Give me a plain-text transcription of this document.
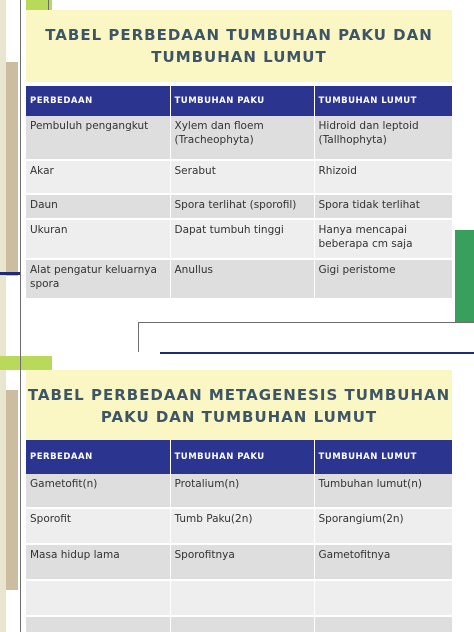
TABEL PERBEDAAN TUMBUHAN PAKU DAN
TUMBUHAN LUMUT
PERBEDAAN	TUMBUHAN PAKU	TUMBUHAN LUMUT
Pembuluh pengangkut	Xylem dan floem (Tracheophyta)	Hidroid dan leptoid (Tallhophyta)
Akar	Serabut	Rhizoid
Daun	Spora terlihat (sporofil)	Spora tidak terlihat
Ukuran	Dapat tumbuh tinggi	Hanya mencapai beberapa cm saja
Alat pengatur keluarnya spora	Anullus	Gigi peristome
TABEL PERBEDAAN METAGENESIS TUMBUHAN
PAKU DAN TUMBUHAN LUMUT
PERBEDAAN	TUMBUHAN PAKU	TUMBUHAN LUMUT
Gametofit(n)	Protalium(n)	Tumbuhan lumut(n)
Sporofit	Tumb Paku(2n)	Sporangium(2n)
Masa hidup lama	Sporofitnya	Gametofitnya
